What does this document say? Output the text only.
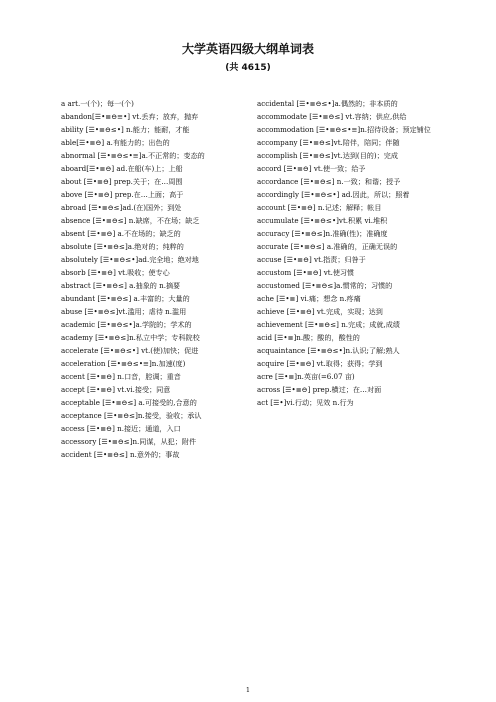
大学英语四级大纲单词表
(共 4615)
a art.一(个)；每一(个)
abandon[☰•≣⊖≡•] vt.丢弃；放弃，抛弃
ability [☰•≣⊖≤•] n.能力；能耐，才能
able[☰•≣⊖] a.有能力的；出色的
abnormal [☰•≣⊖≤•≡]a.不正常的；变态的
aboard[☰•≣⊖] ad.在船(车)上；上船
about [☰•≣⊖] prep.关于；在…周围
above [☰•≣⊖] prep.在…上面；高于
abroad [☰•≣⊖≤]ad.(在)国外；到处
absence [☰•≣⊖≤] n.缺席，不在场；缺乏
absent [☰•≣⊖] a.不在场的；缺乏的
absolute [☰•≣⊖≤]a.绝对的；纯粹的
absolutely [☰•≣⊖≤•]ad.完全地；绝对地
absorb [☰•≣⊖] vt.吸收；使专心
abstract [☰•≣⊖≤] a.抽象的 n.摘要
abundant [☰•≣⊖≤] a.丰富的；大量的
abuse [☰•≣⊖≤]vt.滥用；虐待 n.滥用
academic [☰•≣⊖≤•]a.学院的；学术的
academy [☰•≣⊖≤]n.私立中学；专科院校
accelerate [☰•≣⊖≤•] vt.(使)加快；促进
acceleration [☰•≣⊖≤•≡]n.加速(度)
accent [☰•≣⊖] n.口音，腔调；重音
accept [☰•≣⊖] vt.vi.接受；同意
acceptable [☰•≣⊖≤] a.可接受的,合意的
acceptance [☰•≣⊖≤]n.接受，验收；承认
access [☰•≣⊖] n.接近；通道，入口
accessory [☰•≣⊖≤]n.同谋，从犯；附件
accident [☰•≣⊖≤] n.意外的；事故
accidental [☰•≣⊖≤•]a.偶然的；非本质的
accommodate [☰•≣⊖≤] vt.容纳；供应,供给
accommodation [☰•≣⊖≤•≡]n.招待设备；预定铺位
accompany [☰•≣⊖≤]vt.陪伴，陪同；伴随
accomplish [☰•≣⊖≤]vt.达到(目的)；完成
accord [☰•≣⊖] vt.使一致；给予
accordance [☰•≣⊖≤] n.一致；和谐；授予
accordingly [☰•≣⊖≤•] ad.因此，所以；照着
account [☰•≣⊖] n.记述；解释；帐目
accumulate [☰•≣⊖≤•]vt.积累 vi.堆积
accuracy [☰•≣⊖≤]n.准确(性)；准确度
accurate [☰•≣⊖≤] a.准确的，正确无误的
accuse [☰•≣⊖] vt.指责；归咎于
accustom [☰•≣⊖] vt.使习惯
accustomed [☰•≣⊖≤]a.惯常的；习惯的
ache [☰•≣] vi.痛；想念 n.疼痛
achieve [☰•≣⊖] vt.完成，实现；达到
achievement [☰•≣⊖≤] n.完成；成就,成绩
acid [☰•≣]n.酸；酸的，酸性的
acquaintance [☰•≣⊖≤•]n.认识;了解;熟人
acquire [☰•≣⊖] vt.取得；获得；学到
acre [☰•≣]n.英亩(=6.07 亩)
across [☰•≣⊖] prep.横过；在…对面
act [☰•]vi.行动；见效 n.行为
1
